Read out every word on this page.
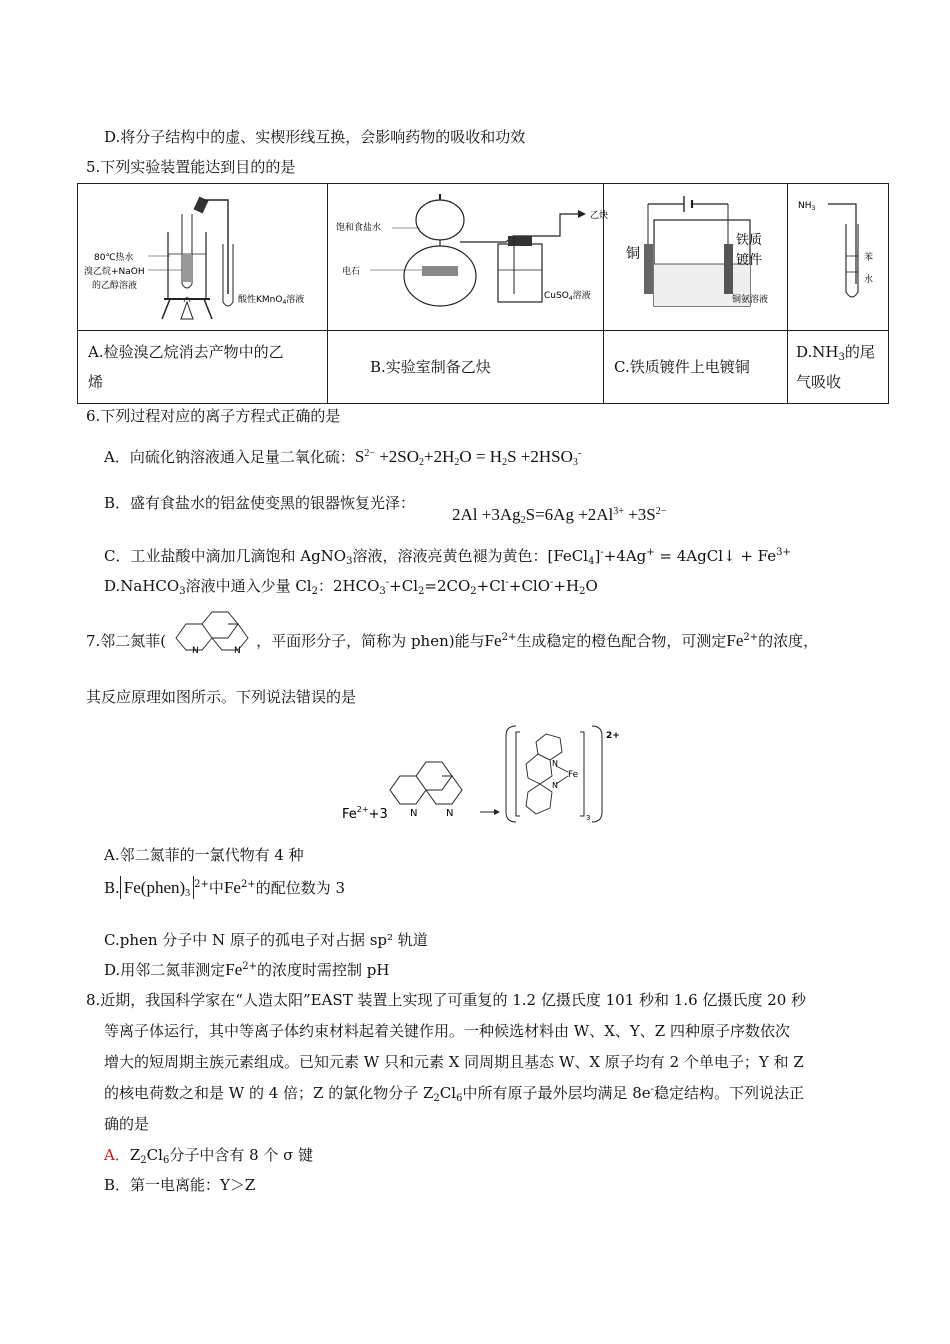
D.将分子结构中的虚、实楔形线互换，会影响药物的吸收和功效
5.下列实验装置能达到目的的是
80℃热水
溴乙烷+NaOH
的乙醇溶液
酸性KMnO$_4$溶液	饱和食盐水
电石
乙炔
CuSO$_4$溶液	铜
铁质
镀件
铜氨溶液	$NH_3$
苯
水

A.检验溴乙烷消去产物中的乙
烯	B.实验室制备乙炔	C.铁质镀件上电镀铜	$D.NH_3$的尾
气吸收
6.下列过程对应的离子方程式正确的是
A．向硫化钠溶液通入足量二氧化硫：$S^{2-} +2SO_2+2H_2O = H_2S +2HSO_3^-$
B．盛有食盐水的铝盆使变黑的银器恢复光泽：
$2Al +3Ag_2S=6Ag +2Al^{3+} +3S^{2-}$
C．工业盐酸中滴加几滴饱和 AgNO$_3$溶液，溶液亮黄色褪为黄色：[FeCl$_4$]-+4Ag+ = 4AgCl↓ + $Fe^{3+}$
D.NaHCO$_3$溶液中通入少量 $Cl_2$：$2HCO_3^-+Cl_2=2CO_2+Cl^-+ClO^-+H_2O$
7.邻二氮菲(	，平面形分子，简称为 phen)能与$Fe^{2+}$生成稳定的橙色配合物，可测定$Fe^{2+}$的浓度，
N	N
其反应原理如图所示。下列说法错误的是
$Fe^{2+}+3$ N	N
N
N
Fe
3
2+
A.邻二氮菲的一氯代物有 4 种
B. $Fe(phen)_3^{2+}$中$Fe^{2+}$的配位数为 3
C.phen 分子中 N 原子的孤电子对占据 sp² 轨道
D.用邻二氮菲测定$Fe^{2+}$的浓度时需控制 pH
8.近期，我国科学家在“人造太阳”EAST 装置上实现了可重复的 1.2 亿摄氏度 101 秒和 1.6 亿摄氏度 20 秒
等离子体运行，其中等离子体约束材料起着关键作用。一种候选材料由 W、X、Y、Z 四种原子序数依次
增大的短周期主族元素组成。已知元素 W 只和元素 X 同周期且基态 W、X 原子均有 2 个单电子；Y 和 Z
的核电荷数之和是 W 的 4 倍；Z 的氯化物分子 $Z_2Cl_6$中所有原子最外层均满足 8e-稳定结构。下列说法正
确的是
A．$Z_2Cl_6$分子中含有 8 个 σ 键
B．第一电离能：Y＞Z
